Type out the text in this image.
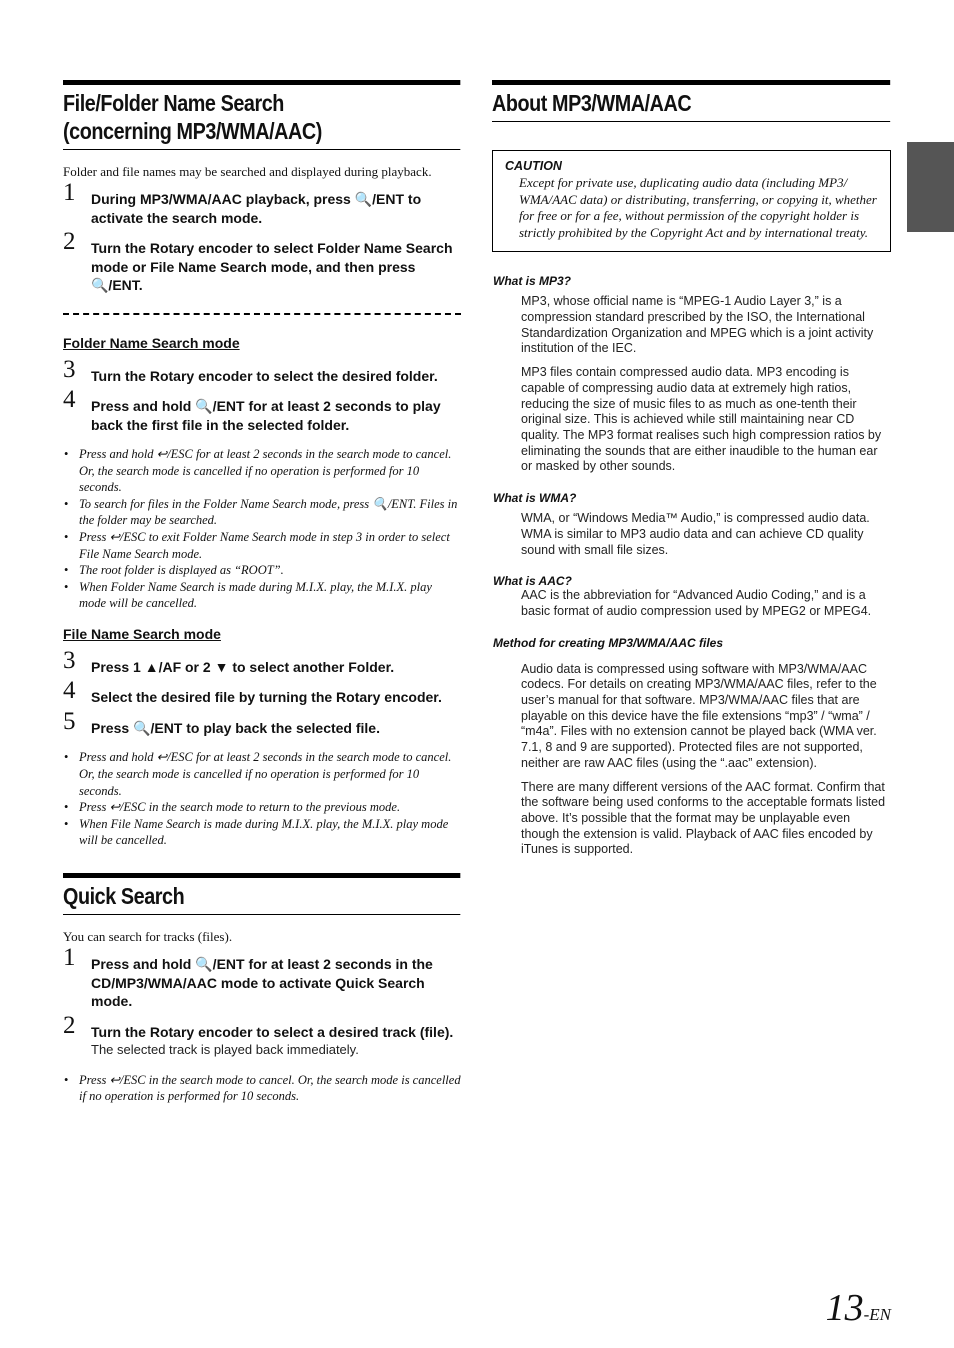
File/Folder Name Search
(concerning MP3/WMA/AAC)
Folder and file names may be searched and displayed during playback.
1 During MP3/WMA/AAC playback, press 🔍/ENT to activate the search mode.
2 Turn the Rotary encoder to select Folder Name Search mode or File Name Search mode, and then press 🔍/ENT.
Folder Name Search mode
3 Turn the Rotary encoder to select the desired folder.
4 Press and hold 🔍/ENT for at least 2 seconds to play back the first file in the selected folder.
• Press and hold ↩/ESC for at least 2 seconds in the search mode to cancel. Or, the search mode is cancelled if no operation is performed for 10 seconds.
• To search for files in the Folder Name Search mode, press 🔍/ENT. Files in the folder may be searched.
• Press ↩/ESC to exit Folder Name Search mode in step 3 in order to select File Name Search mode.
• The root folder is displayed as “ROOT”.
• When Folder Name Search is made during M.I.X. play, the M.I.X. play mode will be cancelled.
File Name Search mode
3 Press 1 ▲/AF or 2 ▼ to select another Folder.
4 Select the desired file by turning the Rotary encoder.
5 Press 🔍/ENT to play back the selected file.
• Press and hold ↩/ESC for at least 2 seconds in the search mode to cancel. Or, the search mode is cancelled if no operation is performed for 10 seconds.
• Press ↩/ESC in the search mode to return to the previous mode.
• When File Name Search is made during M.I.X. play, the M.I.X. play mode will be cancelled.
Quick Search
You can search for tracks (files).
1 Press and hold 🔍/ENT for at least 2 seconds in the CD/MP3/WMA/AAC mode to activate Quick Search mode.
2 Turn the Rotary encoder to select a desired track (file).
The selected track is played back immediately.
• Press ↩/ESC in the search mode to cancel. Or, the search mode is cancelled if no operation is performed for 10 seconds.
About MP3/WMA/AAC
CAUTION
Except for private use, duplicating audio data (including MP3/ WMA/AAC data) or distributing, transferring, or copying it, whether for free or for a fee, without permission of the copyright holder is strictly prohibited by the Copyright Act and by international treaty.
What is MP3?
MP3, whose official name is “MPEG-1 Audio Layer 3,” is a compression standard prescribed by the ISO, the International Standardization Organization and MPEG which is a joint activity institution of the IEC.
MP3 files contain compressed audio data. MP3 encoding is capable of compressing audio data at extremely high ratios, reducing the size of music files to as much as one-tenth their original size. This is achieved while still maintaining near CD quality. The MP3 format realises such high compression ratios by eliminating the sounds that are either inaudible to the human ear or masked by other sounds.
What is WMA?
WMA, or “Windows Media™ Audio,” is compressed audio data. WMA is similar to MP3 audio data and can achieve CD quality sound with small file sizes.
What is AAC?
AAC is the abbreviation for “Advanced Audio Coding,” and is a basic format of audio compression used by MPEG2 or MPEG4.
Method for creating MP3/WMA/AAC files
Audio data is compressed using software with MP3/WMA/AAC codecs. For details on creating MP3/WMA/AAC files, refer to the user’s manual for that software. MP3/WMA/AAC files that are playable on this device have the file extensions “mp3” / “wma” / “m4a”. Files with no extension cannot be played back (WMA ver. 7.1, 8 and 9 are supported). Protected files are not supported, neither are raw AAC files (using the “.aac” extension).
There are many different versions of the AAC format. Confirm that the software being used conforms to the acceptable formats listed above. It’s possible that the format may be unplayable even though the extension is valid. Playback of AAC files encoded by iTunes is supported.
13-EN
